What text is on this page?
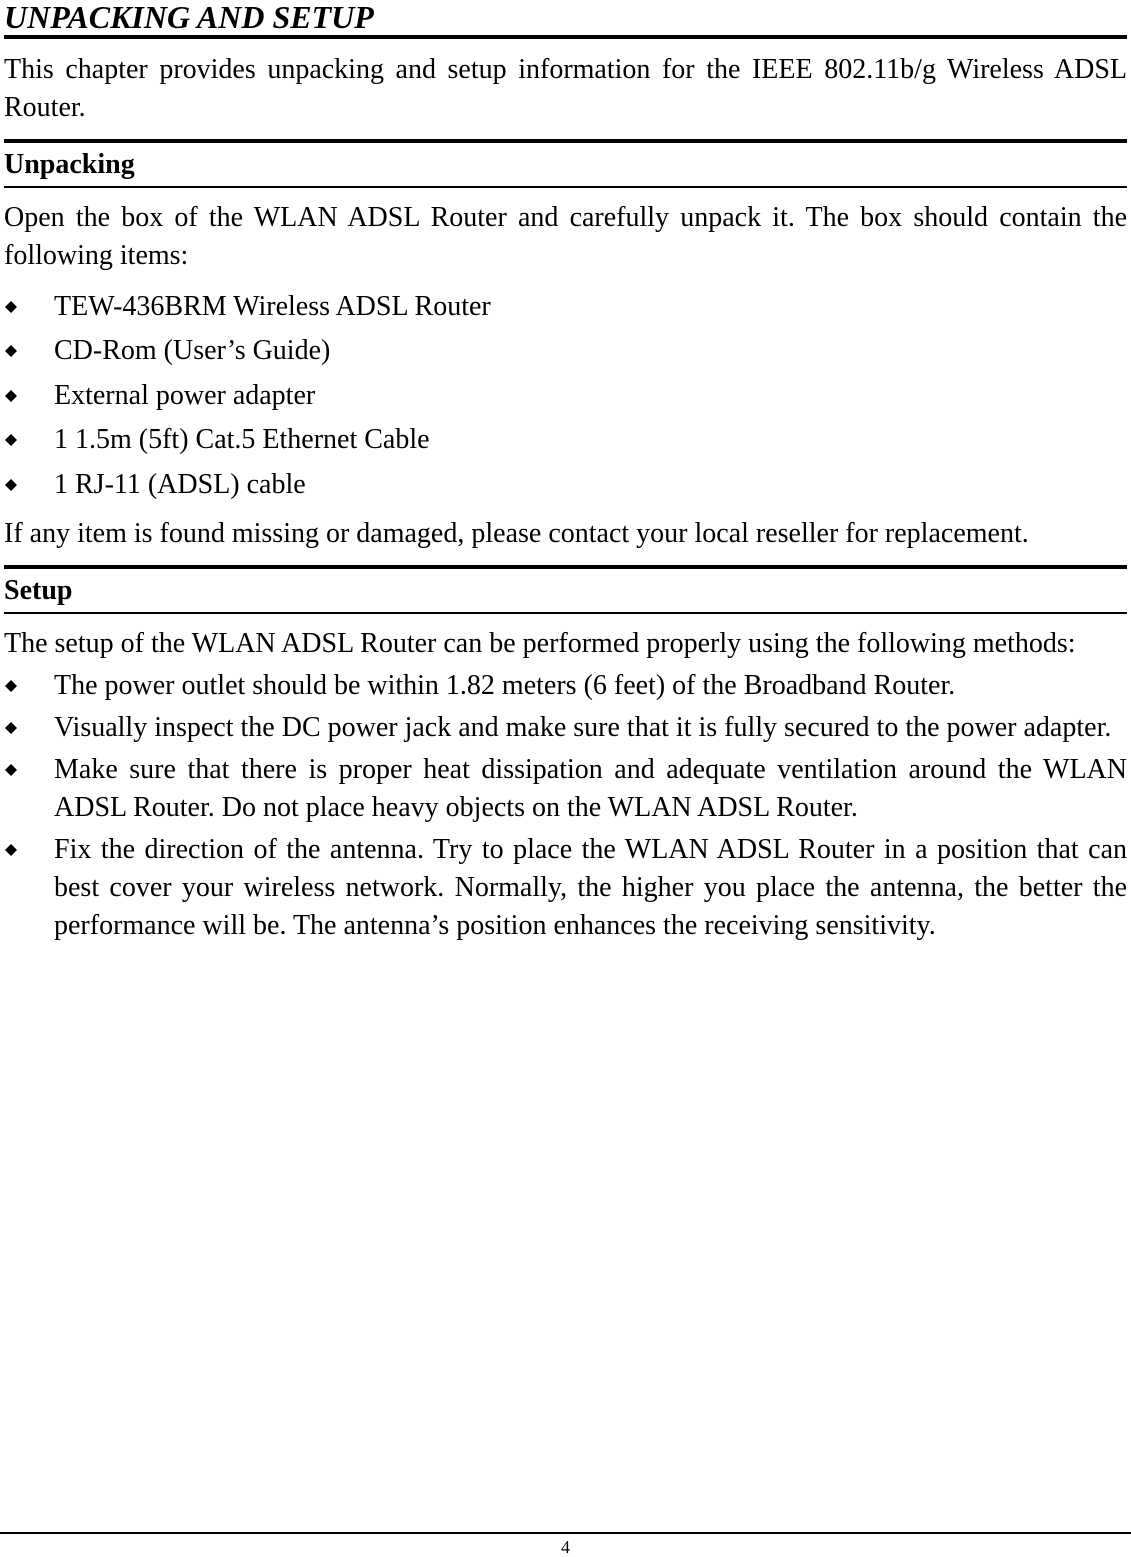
UNPACKING AND SETUP

This chapter provides unpacking and setup information for the IEEE 802.11b/g Wireless ADSL Router.

Unpacking

Open the box of the WLAN ADSL Router and carefully unpack it. The box should contain the following items:

TEW-436BRM Wireless ADSL Router
CD-Rom (User’s Guide)
External power adapter
1 1.5m (5ft) Cat.5 Ethernet Cable
1 RJ-11 (ADSL) cable

If any item is found missing or damaged, please contact your local reseller for replacement.

Setup

The setup of the WLAN ADSL Router can be performed properly using the following methods:

The power outlet should be within 1.82 meters (6 feet) of the Broadband Router.
Visually inspect the DC power jack and make sure that it is fully secured to the power adapter.
Make sure that there is proper heat dissipation and adequate ventilation around the WLAN ADSL Router. Do not place heavy objects on the WLAN ADSL Router.
Fix the direction of the antenna. Try to place the WLAN ADSL Router in a position that can best cover your wireless network. Normally, the higher you place the antenna, the better the performance will be. The antenna’s position enhances the receiving sensitivity.
4
